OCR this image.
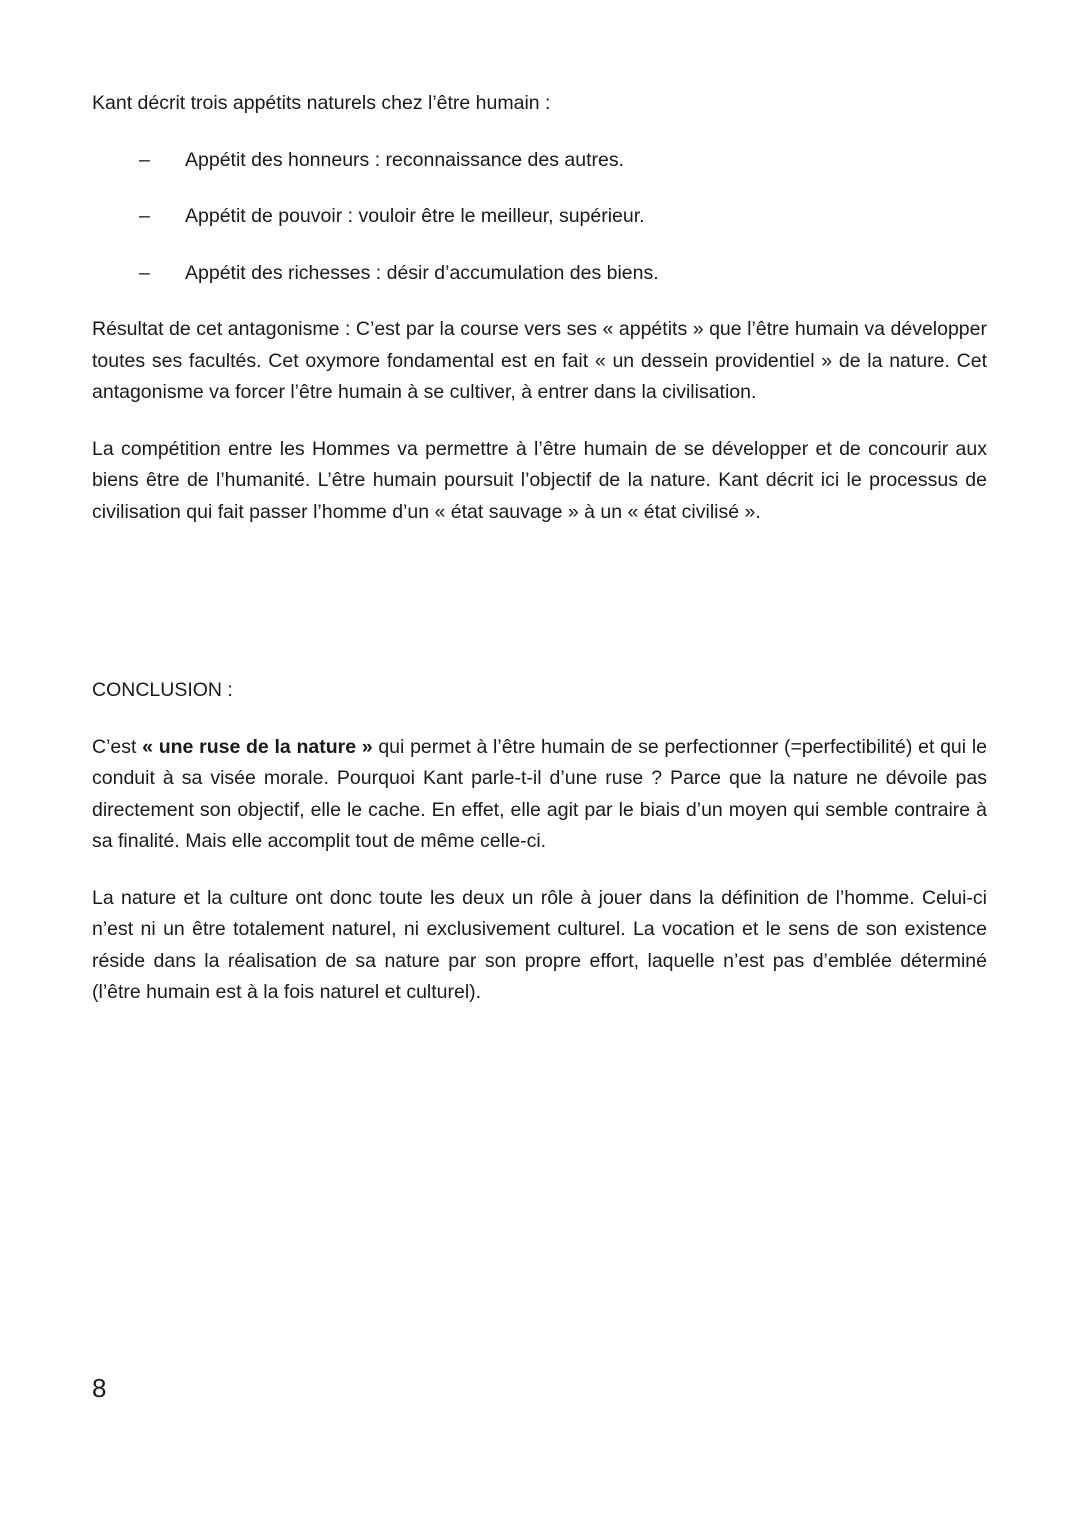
Kant décrit trois appétits naturels chez l’être humain :

– Appétit des honneurs : reconnaissance des autres.
– Appétit de pouvoir : vouloir être le meilleur, supérieur.
– Appétit des richesses : désir d’accumulation des biens.

Résultat de cet antagonisme : C’est par la course vers ses « appétits » que l’être humain va développer toutes ses facultés. Cet oxymore fondamental est en fait « un dessein providentiel » de la nature. Cet antagonisme va forcer l’être humain à se cultiver, à entrer dans la civilisation.

La compétition entre les Hommes va permettre à l’être humain de se développer et de concourir aux biens être de l’humanité. L’être humain poursuit l’objectif de la nature. Kant décrit ici le processus de civilisation qui fait passer l’homme d’un « état sauvage » à un « état civilisé ».

CONCLUSION :

C’est « une ruse de la nature » qui permet à l’être humain de se perfectionner (=perfectibilité) et qui le conduit à sa visée morale. Pourquoi Kant parle-t-il d’une ruse ? Parce que la nature ne dévoile pas directement son objectif, elle le cache. En effet, elle agit par le biais d’un moyen qui semble contraire à sa finalité. Mais elle accomplit tout de même celle-ci.

La nature et la culture ont donc toute les deux un rôle à jouer dans la définition de l’homme. Celui-ci n’est ni un être totalement naturel, ni exclusivement culturel. La vocation et le sens de son existence réside dans la réalisation de sa nature par son propre effort, laquelle n’est pas d’emblée déterminé (l’être humain est à la fois naturel et culturel).

8
